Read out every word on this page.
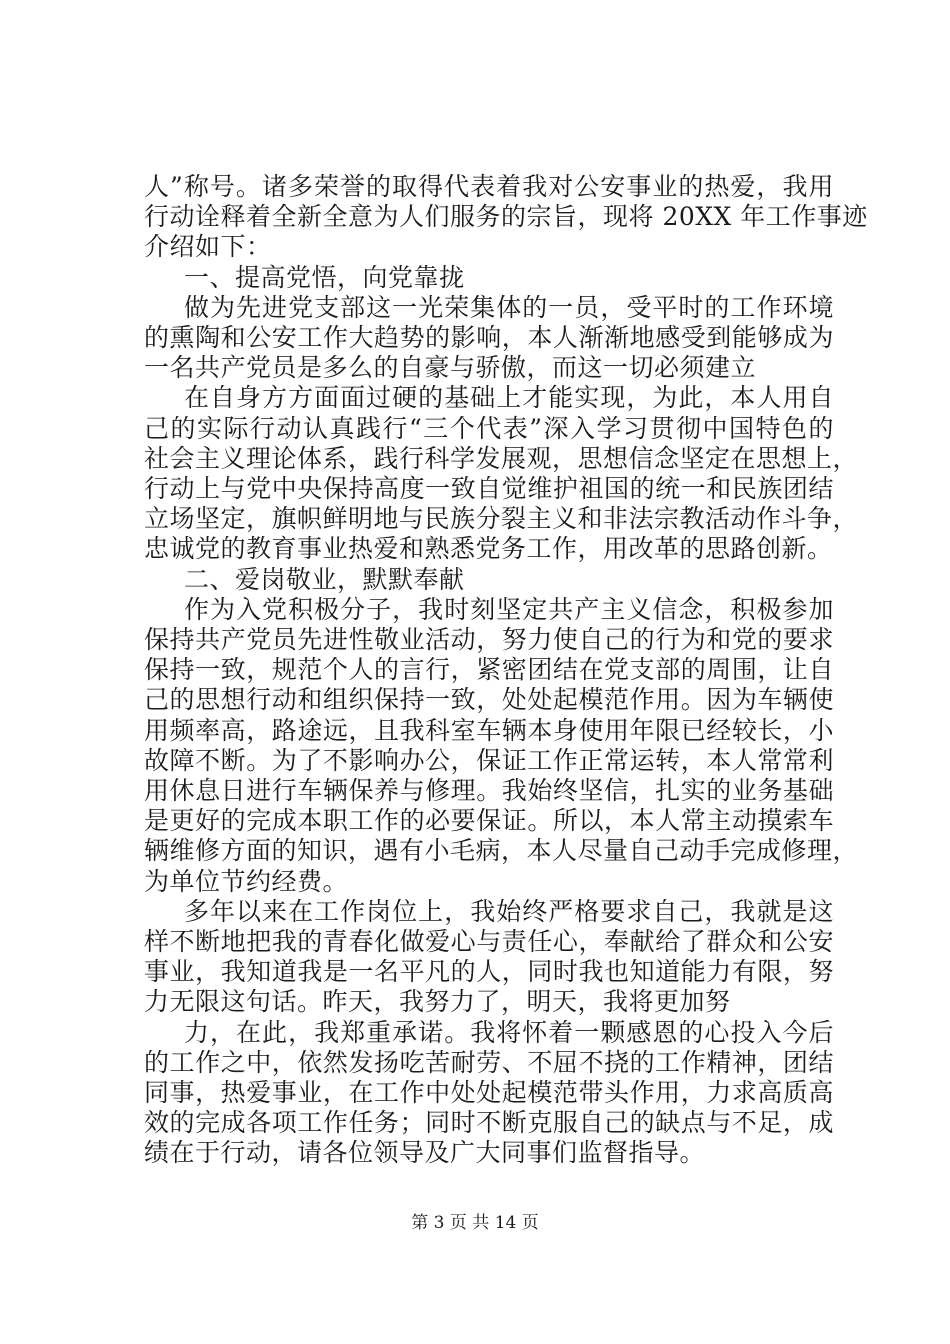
人”称号。诸多荣誉的取得代表着我对公安事业的热爱，我用
行动诠释着全新全意为人们服务的宗旨，现将 20XX 年工作事迹
介绍如下：
一、提高党悟，向党靠拢
做为先进党支部这一光荣集体的一员，受平时的工作环境
的熏陶和公安工作大趋势的影响，本人渐渐地感受到能够成为
一名共产党员是多么的自豪与骄傲，而这一切必须建立
在自身方方面面过硬的基础上才能实现，为此，本人用自
己的实际行动认真践行“三个代表”深入学习贯彻中国特色的
社会主义理论体系，践行科学发展观，思想信念坚定在思想上，
行动上与党中央保持高度一致自觉维护祖国的统一和民族团结
立场坚定，旗帜鲜明地与民族分裂主义和非法宗教活动作斗争，
忠诚党的教育事业热爱和熟悉党务工作，用改革的思路创新。
二、爱岗敬业，默默奉献
作为入党积极分子，我时刻坚定共产主义信念，积极参加
保持共产党员先进性敬业活动，努力使自己的行为和党的要求
保持一致，规范个人的言行，紧密团结在党支部的周围，让自
己的思想行动和组织保持一致，处处起模范作用。因为车辆使
用频率高，路途远，且我科室车辆本身使用年限已经较长，小
故障不断。为了不影响办公，保证工作正常运转，本人常常利
用休息日进行车辆保养与修理。我始终坚信，扎实的业务基础
是更好的完成本职工作的必要保证。所以，本人常主动摸索车
辆维修方面的知识，遇有小毛病，本人尽量自己动手完成修理，
为单位节约经费。
多年以来在工作岗位上，我始终严格要求自己，我就是这
样不断地把我的青春化做爱心与责任心，奉献给了群众和公安
事业，我知道我是一名平凡的人，同时我也知道能力有限，努
力无限这句话。昨天，我努力了，明天，我将更加努
力，在此，我郑重承诺。我将怀着一颗感恩的心投入今后
的工作之中，依然发扬吃苦耐劳、不屈不挠的工作精神，团结
同事，热爱事业，在工作中处处起模范带头作用，力求高质高
效的完成各项工作任务；同时不断克服自己的缺点与不足，成
绩在于行动，请各位领导及广大同事们监督指导。
第 3 页 共 14 页
